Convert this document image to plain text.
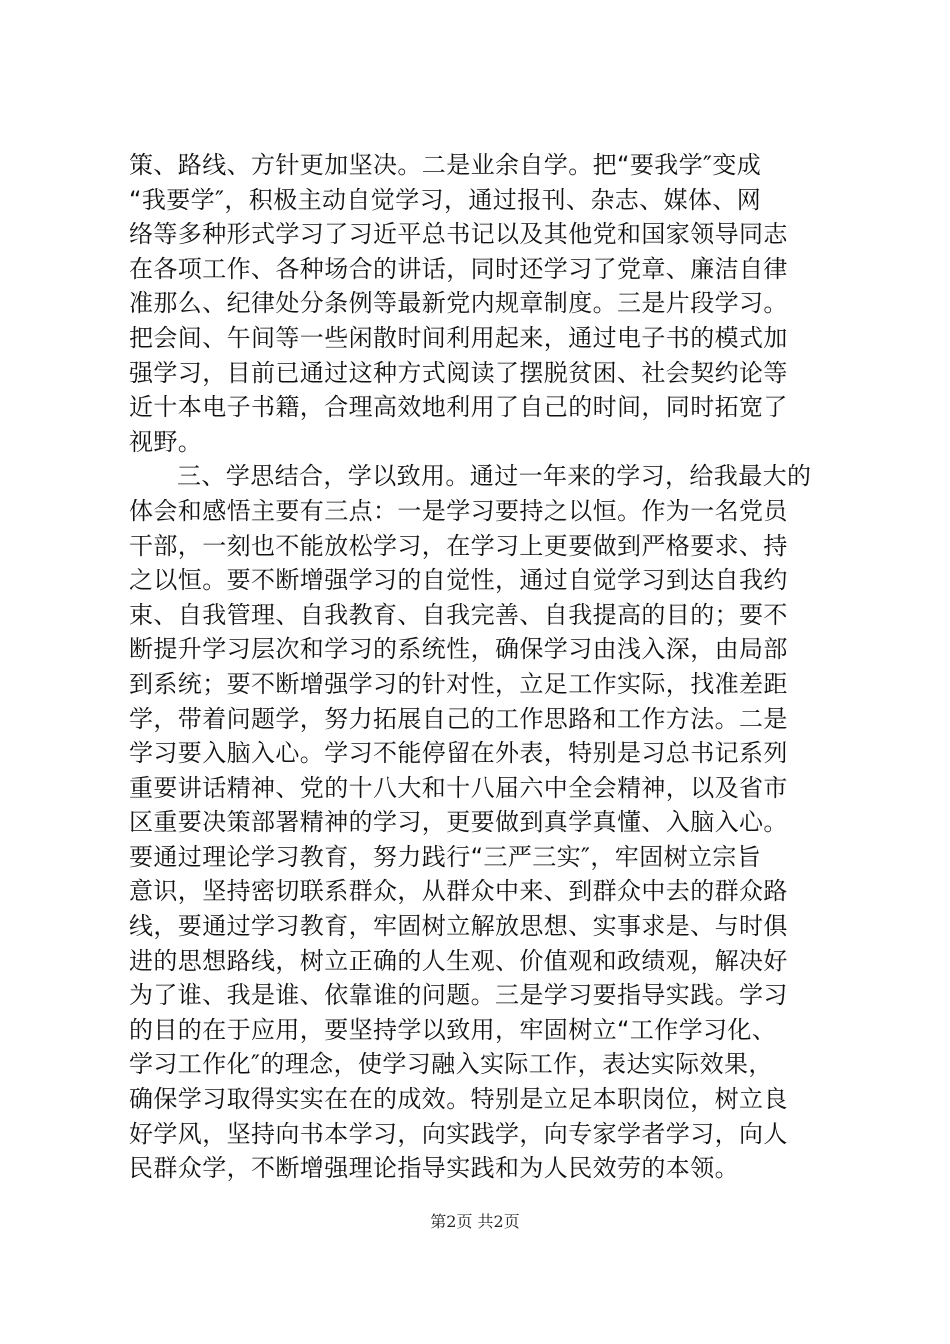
策、路线、方针更加坚决。二是业余自学。把“要我学″变成
“我要学″，积极主动自觉学习，通过报刊、杂志、媒体、网
络等多种形式学习了习近平总书记以及其他党和国家领导同志
在各项工作、各种场合的讲话，同时还学习了党章、廉洁自律
准那么、纪律处分条例等最新党内规章制度。三是片段学习。
把会间、午间等一些闲散时间利用起来，通过电子书的模式加
强学习，目前已通过这种方式阅读了摆脱贫困、社会契约论等
近十本电子书籍，合理高效地利用了自己的时间，同时拓宽了
视野。
三、学思结合，学以致用。通过一年来的学习，给我最大的
体会和感悟主要有三点：一是学习要持之以恒。作为一名党员
干部，一刻也不能放松学习，在学习上更要做到严格要求、持
之以恒。要不断增强学习的自觉性，通过自觉学习到达自我约
束、自我管理、自我教育、自我完善、自我提高的目的；要不
断提升学习层次和学习的系统性，确保学习由浅入深，由局部
到系统；要不断增强学习的针对性，立足工作实际，找准差距
学，带着问题学，努力拓展自己的工作思路和工作方法。二是
学习要入脑入心。学习不能停留在外表，特别是习总书记系列
重要讲话精神、党的十八大和十八届六中全会精神，以及省市
区重要决策部署精神的学习，更要做到真学真懂、入脑入心。
要通过理论学习教育，努力践行“三严三实″，牢固树立宗旨
意识，坚持密切联系群众，从群众中来、到群众中去的群众路
线，要通过学习教育，牢固树立解放思想、实事求是、与时俱
进的思想路线，树立正确的人生观、价值观和政绩观，解决好
为了谁、我是谁、依靠谁的问题。三是学习要指导实践。学习
的目的在于应用，要坚持学以致用，牢固树立“工作学习化、
学习工作化″的理念，使学习融入实际工作，表达实际效果，
确保学习取得实实在在的成效。特别是立足本职岗位，树立良
好学风，坚持向书本学习，向实践学，向专家学者学习，向人
民群众学，不断增强理论指导实践和为人民效劳的本领。
第2页 共2页
